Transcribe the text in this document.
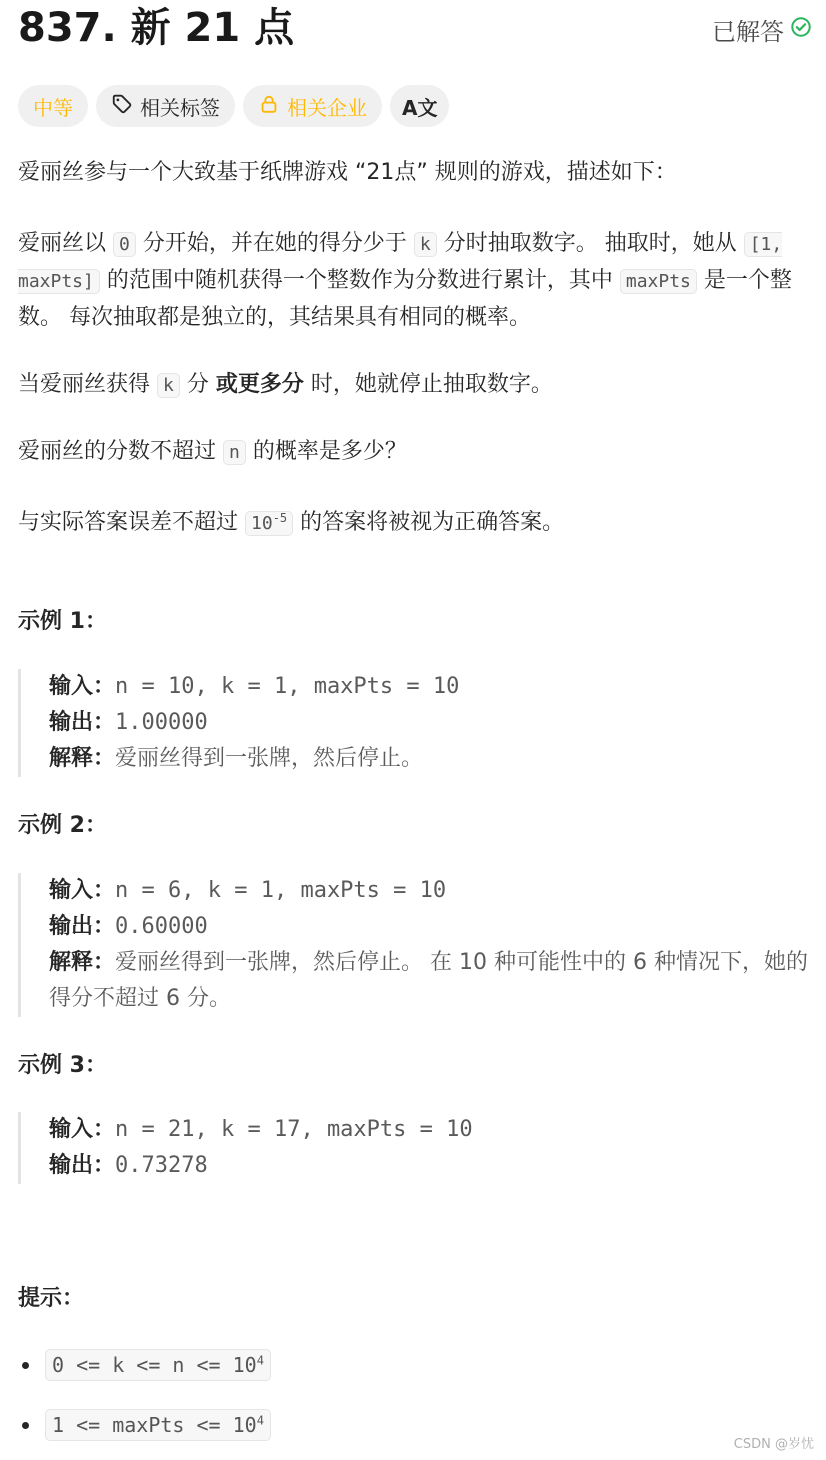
837. 新 21 点	已解答
中等	相关标签	相关企业	A文

爱丽丝参与一个大致基于纸牌游戏 “21点” 规则的游戏，描述如下：

爱丽丝以 0 分开始，并在她的得分少于 k 分时抽取数字。 抽取时，她从 [1, maxPts] 的范围中随机获得一个整数作为分数进行累计，其中 maxPts 是一个整数。 每次抽取都是独立的，其结果具有相同的概率。

当爱丽丝获得 k 分 或更多分 时，她就停止抽取数字。

爱丽丝的分数不超过 n 的概率是多少？

与实际答案误差不超过 $10^{-5}$ 的答案将被视为正确答案。

示例 1：
输入：n = 10, k = 1, maxPts = 10
输出：1.00000
解释：爱丽丝得到一张牌，然后停止。
示例 2：
输入：n = 6, k = 1, maxPts = 10
输出：0.60000
解释：爱丽丝得到一张牌，然后停止。 在 10 种可能性中的 6 种情况下，她的得分不超过 6 分。
示例 3：
输入：n = 21, k = 17, maxPts = 10
输出：0.73278
提示：
$0 <= k <= n <= 10^4$
1 <= maxPts <= $10^4$
CSDN @岁忧
